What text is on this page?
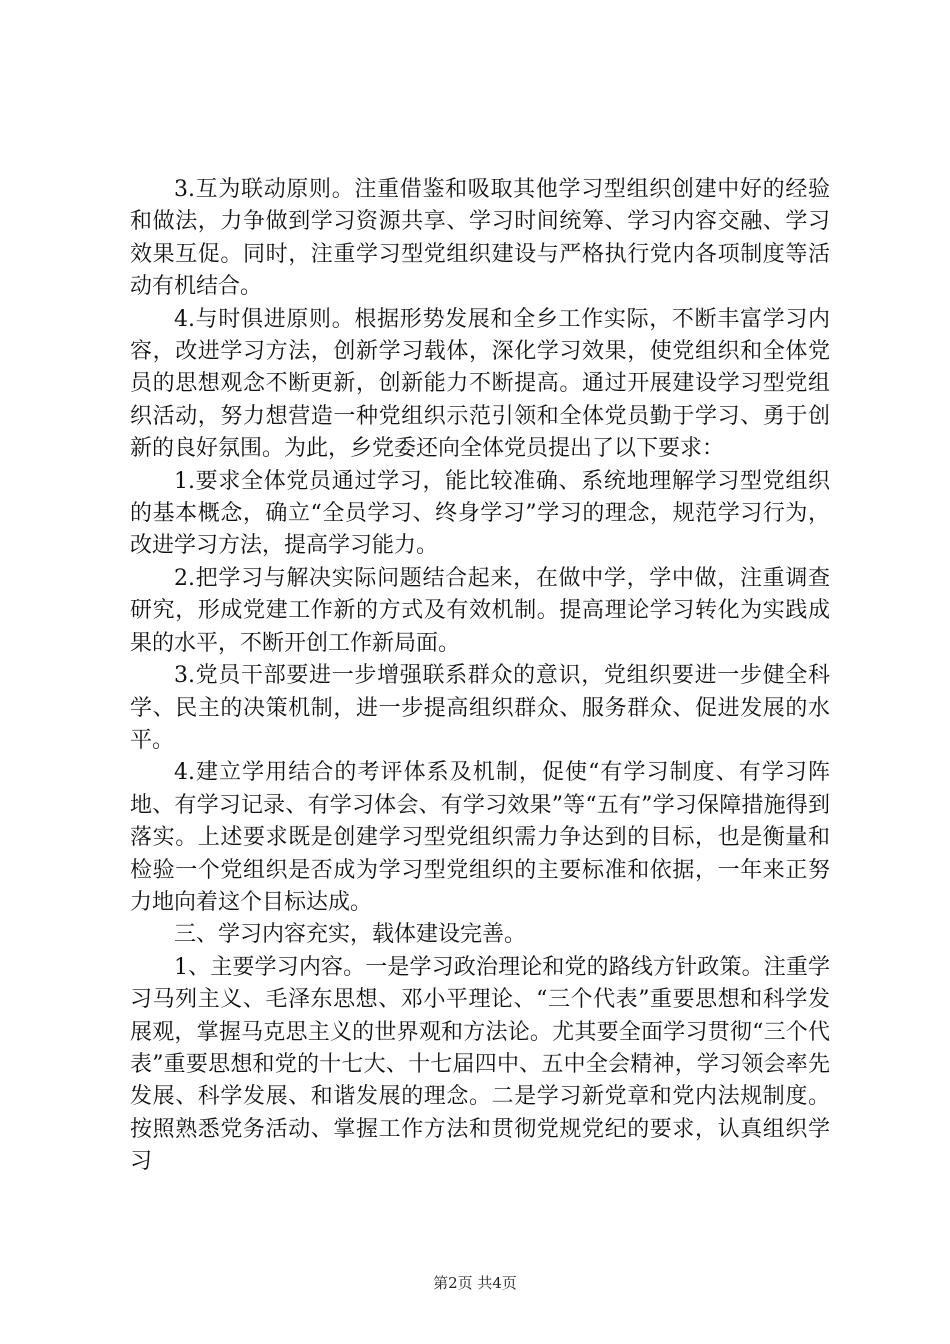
3.互为联动原则。注重借鉴和吸取其他学习型组织创建中好的经验和做法，力争做到学习资源共享、学习时间统筹、学习内容交融、学习效果互促。同时，注重学习型党组织建设与严格执行党内各项制度等活动有机结合。

4.与时俱进原则。根据形势发展和全乡工作实际，不断丰富学习内容，改进学习方法，创新学习载体，深化学习效果，使党组织和全体党员的思想观念不断更新，创新能力不断提高。通过开展建设学习型党组织活动，努力想营造一种党组织示范引领和全体党员勤于学习、勇于创新的良好氛围。为此，乡党委还向全体党员提出了以下要求：

1.要求全体党员通过学习，能比较准确、系统地理解学习型党组织的基本概念，确立“全员学习、终身学习”学习的理念，规范学习行为，改进学习方法，提高学习能力。

2.把学习与解决实际问题结合起来，在做中学，学中做，注重调查研究，形成党建工作新的方式及有效机制。提高理论学习转化为实践成果的水平，不断开创工作新局面。

3.党员干部要进一步增强联系群众的意识，党组织要进一步健全科学、民主的决策机制，进一步提高组织群众、服务群众、促进发展的水平。

4.建立学用结合的考评体系及机制，促使“有学习制度、有学习阵地、有学习记录、有学习体会、有学习效果”等“五有”学习保障措施得到落实。上述要求既是创建学习型党组织需力争达到的目标，也是衡量和检验一个党组织是否成为学习型党组织的主要标准和依据，一年来正努力地向着这个目标达成。

三、学习内容充实，载体建设完善。

1、主要学习内容。一是学习政治理论和党的路线方针政策。注重学习马列主义、毛泽东思想、邓小平理论、“三个代表”重要思想和科学发展观，掌握马克思主义的世界观和方法论。尤其要全面学习贯彻“三个代表”重要思想和党的十七大、十七届四中、五中全会精神，学习领会率先发展、科学发展、和谐发展的理念。二是学习新党章和党内法规制度。按照熟悉党务活动、掌握工作方法和贯彻党规党纪的要求，认真组织学习

第2页 共4页
